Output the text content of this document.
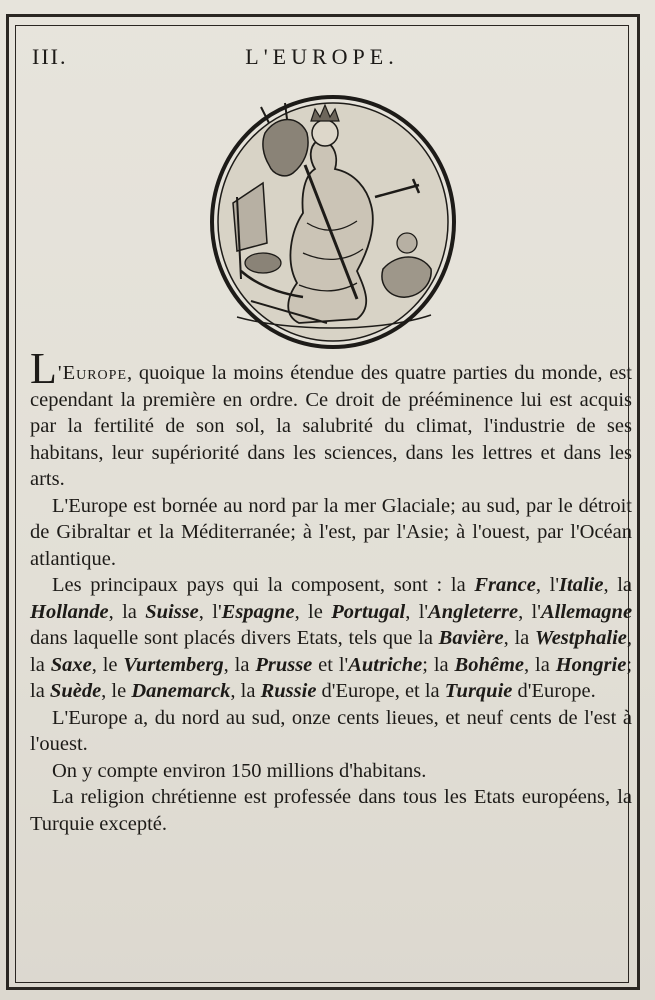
III.	L'EUROPE.

L'Europe, quoique la moins étendue des quatre parties du monde, est cependant la première en ordre. Ce droit de prééminence lui est acquis par la fertilité de son sol, la salubrité du climat, l'industrie de ses habitans, leur supériorité dans les sciences, dans les lettres et dans les arts.

L'Europe est bornée au nord par la mer Glaciale; au sud, par le détroit de Gibraltar et la Méditerranée; à l'est, par l'Asie; à l'ouest, par l'Océan atlantique.

Les principaux pays qui la composent, sont : la France, l'Italie, la Hollande, la Suisse, l'Espagne, le Portugal, l'Angleterre, l'Allemagne dans laquelle sont placés divers Etats, tels que la Bavière, la Westphalie, la Saxe, le Vurtemberg, la Prusse et l'Autriche; la Bohême, la Hongrie; la Suède, le Danemarck, la Russie d'Europe, et la Turquie d'Europe.

L'Europe a, du nord au sud, onze cents lieues, et neuf cents de l'est à l'ouest.

On y compte environ 150 millions d'habitans.

La religion chrétienne est professée dans tous les Etats européens, la Turquie excepté.
